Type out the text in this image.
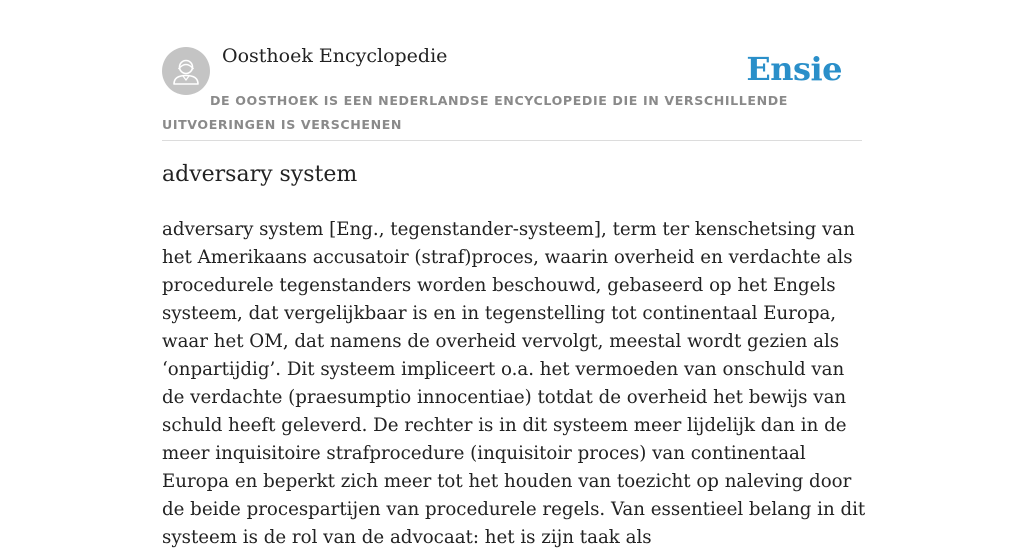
Oosthoek Encyclopedie	Ensie
DE OOSTHOEK IS EEN NEDERLANDSE ENCYCLOPEDIE DIE IN VERSCHILLENDE UITVOERINGEN IS VERSCHENEN
adversary system

adversary system [Eng., tegenstander-systeem], term ter kenschetsing van het Amerikaans accusatoir (straf)proces, waarin overheid en verdachte als procedurele tegenstanders worden beschouwd, gebaseerd op het Engels systeem, dat vergelijkbaar is en in tegenstelling tot continentaal Europa, waar het OM, dat namens de overheid vervolgt, meestal wordt gezien als ‘onpartijdig’. Dit systeem impliceert o.a. het vermoeden van onschuld van de verdachte (praesumptio innocentiae) totdat de overheid het bewijs van schuld heeft geleverd. De rechter is in dit systeem meer lijdelijk dan in de meer inquisitoire strafprocedure (inquisitoir proces) van continentaal Europa en beperkt zich meer tot het houden van toezicht op naleving door de beide procespartijen van procedurele regels. Van essentieel belang in dit systeem is de rol van de advocaat: het is zijn taak als
